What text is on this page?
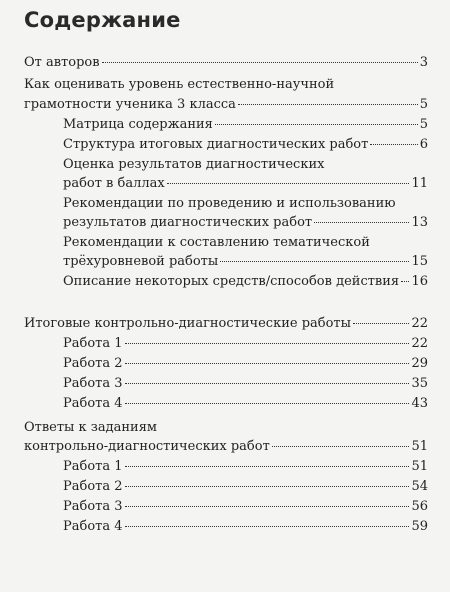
Содержание
От авторов	3
Как оценивать уровень естественно-научной
грамотности ученика 3 класса	5
Матрица содержания	5
Структура итоговых диагностических работ	6
Оценка результатов диагностических
работ в баллах	11
Рекомендации по проведению и использованию
результатов диагностических работ	13
Рекомендации к составлению тематической
трёхуровневой работы	15
Описание некоторых средств/способов действия 16
Итоговые контрольно-диагностические работы	22
Работа 1	22
Работа 2	29
Работа 3	35
Работа 4	43
Ответы к заданиям
контрольно-диагностических работ	51
Работа 1	51
Работа 2	54
Работа 3	56
Работа 4	59
